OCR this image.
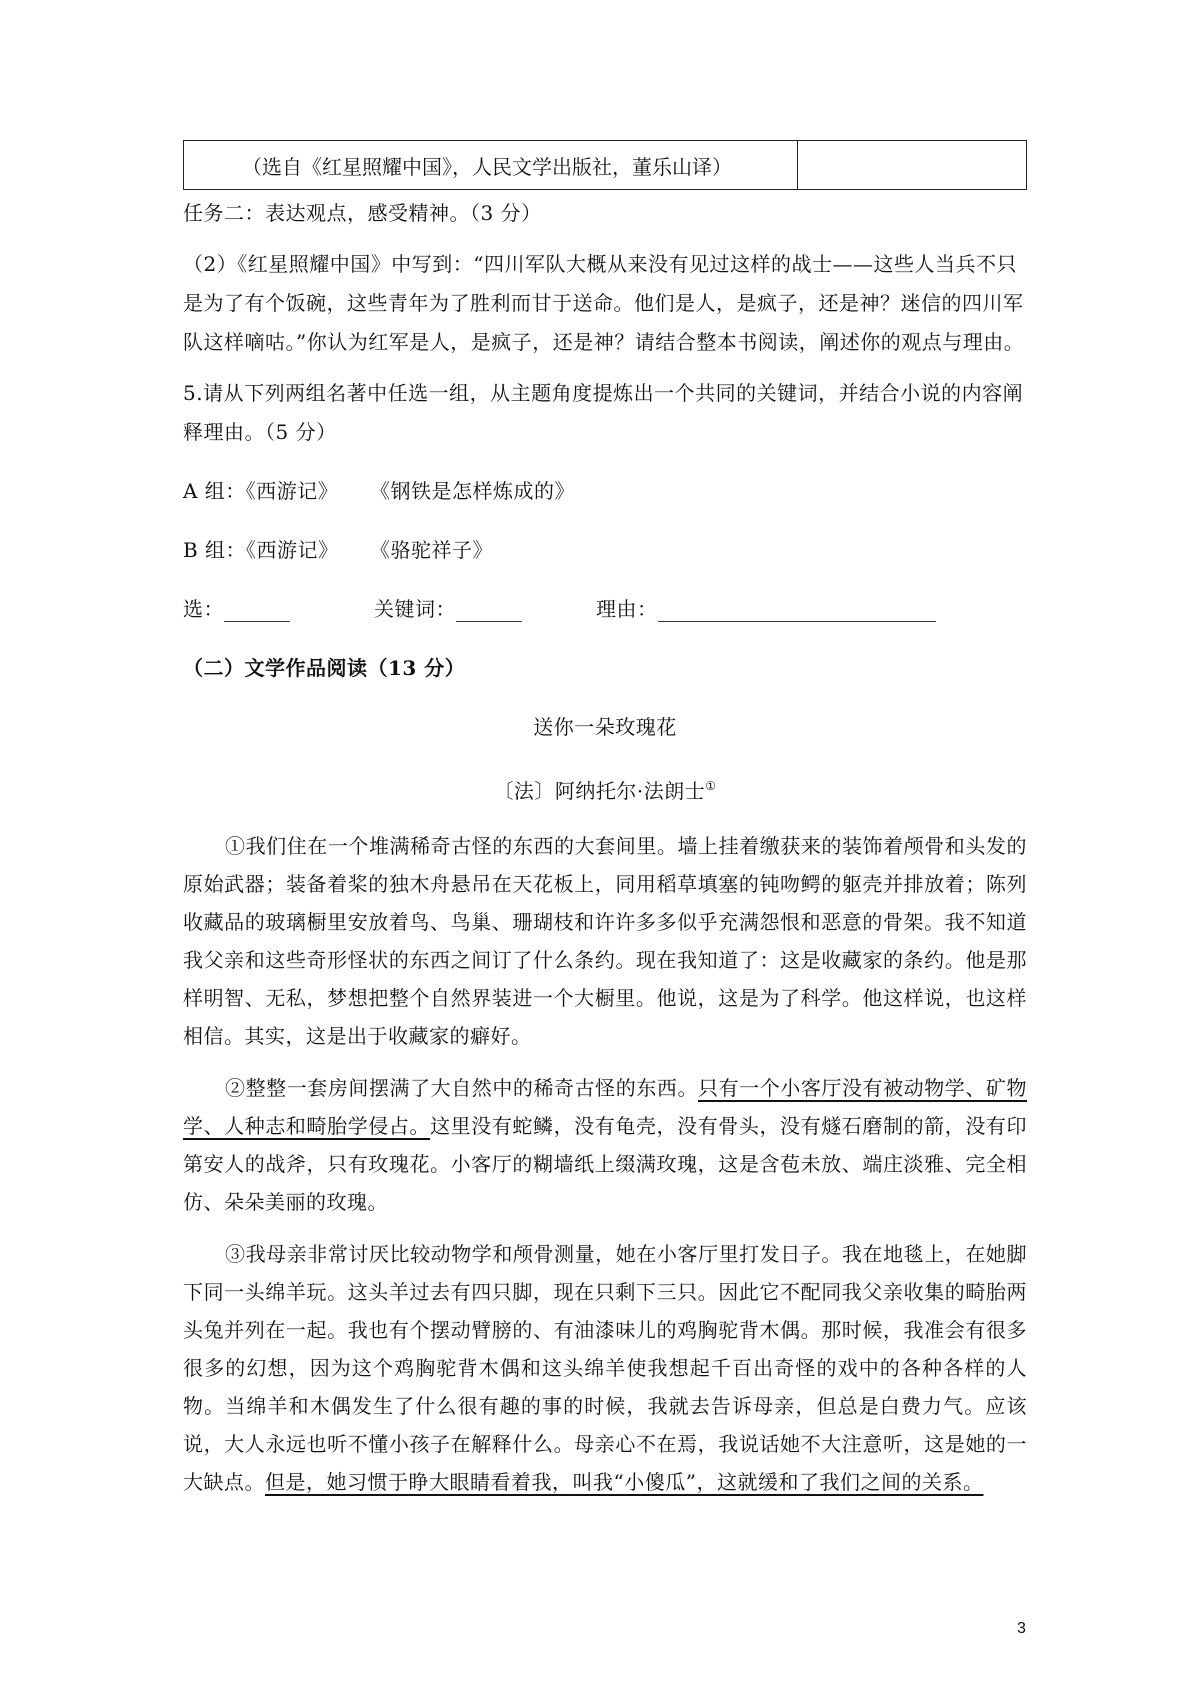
（选自《红星照耀中国》，人民文学出版社，董乐山译）	

任务二：表达观点，感受精神。（3 分）

（2）《红星照耀中国》中写到：“四川军队大概从来没有见过这样的战士——这些人当兵不只是为了有个饭碗，这些青年为了胜利而甘于送命。他们是人，是疯子，还是神？迷信的四川军队这样嘀咕。”你认为红军是人，是疯子，还是神？请结合整本书阅读，阐述你的观点与理由。

5.请从下列两组名著中任选一组，从主题角度提炼出一个共同的关键词，并结合小说的内容阐释理由。（5 分）

A 组：《西游记》 《钢铁是怎样炼成的》

B 组：《西游记》 《骆驼祥子》

选：	关键词：	理由：

（二）文学作品阅读（13 分）

送你一朵玫瑰花

〔法〕阿纳托尔·法朗士①

①我们住在一个堆满稀奇古怪的东西的大套间里。墙上挂着缴获来的装饰着颅骨和头发的原始武器；装备着桨的独木舟悬吊在天花板上，同用稻草填塞的钝吻鳄的躯壳并排放着；陈列收藏品的玻璃橱里安放着鸟、鸟巢、珊瑚枝和许许多多似乎充满怨恨和恶意的骨架。我不知道我父亲和这些奇形怪状的东西之间订了什么条约。现在我知道了：这是收藏家的条约。他是那样明智、无私，梦想把整个自然界装进一个大橱里。他说，这是为了科学。他这样说，也这样相信。其实，这是出于收藏家的癖好。

②整整一套房间摆满了大自然中的稀奇古怪的东西。只有一个小客厅没有被动物学、矿物学、人种志和畸胎学侵占。这里没有蛇鳞，没有龟壳，没有骨头，没有燧石磨制的箭，没有印第安人的战斧，只有玫瑰花。小客厅的糊墙纸上缀满玫瑰，这是含苞未放、端庄淡雅、完全相仿、朵朵美丽的玫瑰。

③我母亲非常讨厌比较动物学和颅骨测量，她在小客厅里打发日子。我在地毯上，在她脚下同一头绵羊玩。这头羊过去有四只脚，现在只剩下三只。因此它不配同我父亲收集的畸胎两头兔并列在一起。我也有个摆动臂膀的、有油漆味儿的鸡胸驼背木偶。那时候，我准会有很多很多的幻想，因为这个鸡胸驼背木偶和这头绵羊使我想起千百出奇怪的戏中的各种各样的人物。当绵羊和木偶发生了什么很有趣的事的时候，我就去告诉母亲，但总是白费力气。应该说，大人永远也听不懂小孩子在解释什么。母亲心不在焉，我说话她不大注意听，这是她的一大缺点。但是，她习惯于睁大眼睛看着我，叫我“小傻瓜”，这就缓和了我们之间的关系。

3
